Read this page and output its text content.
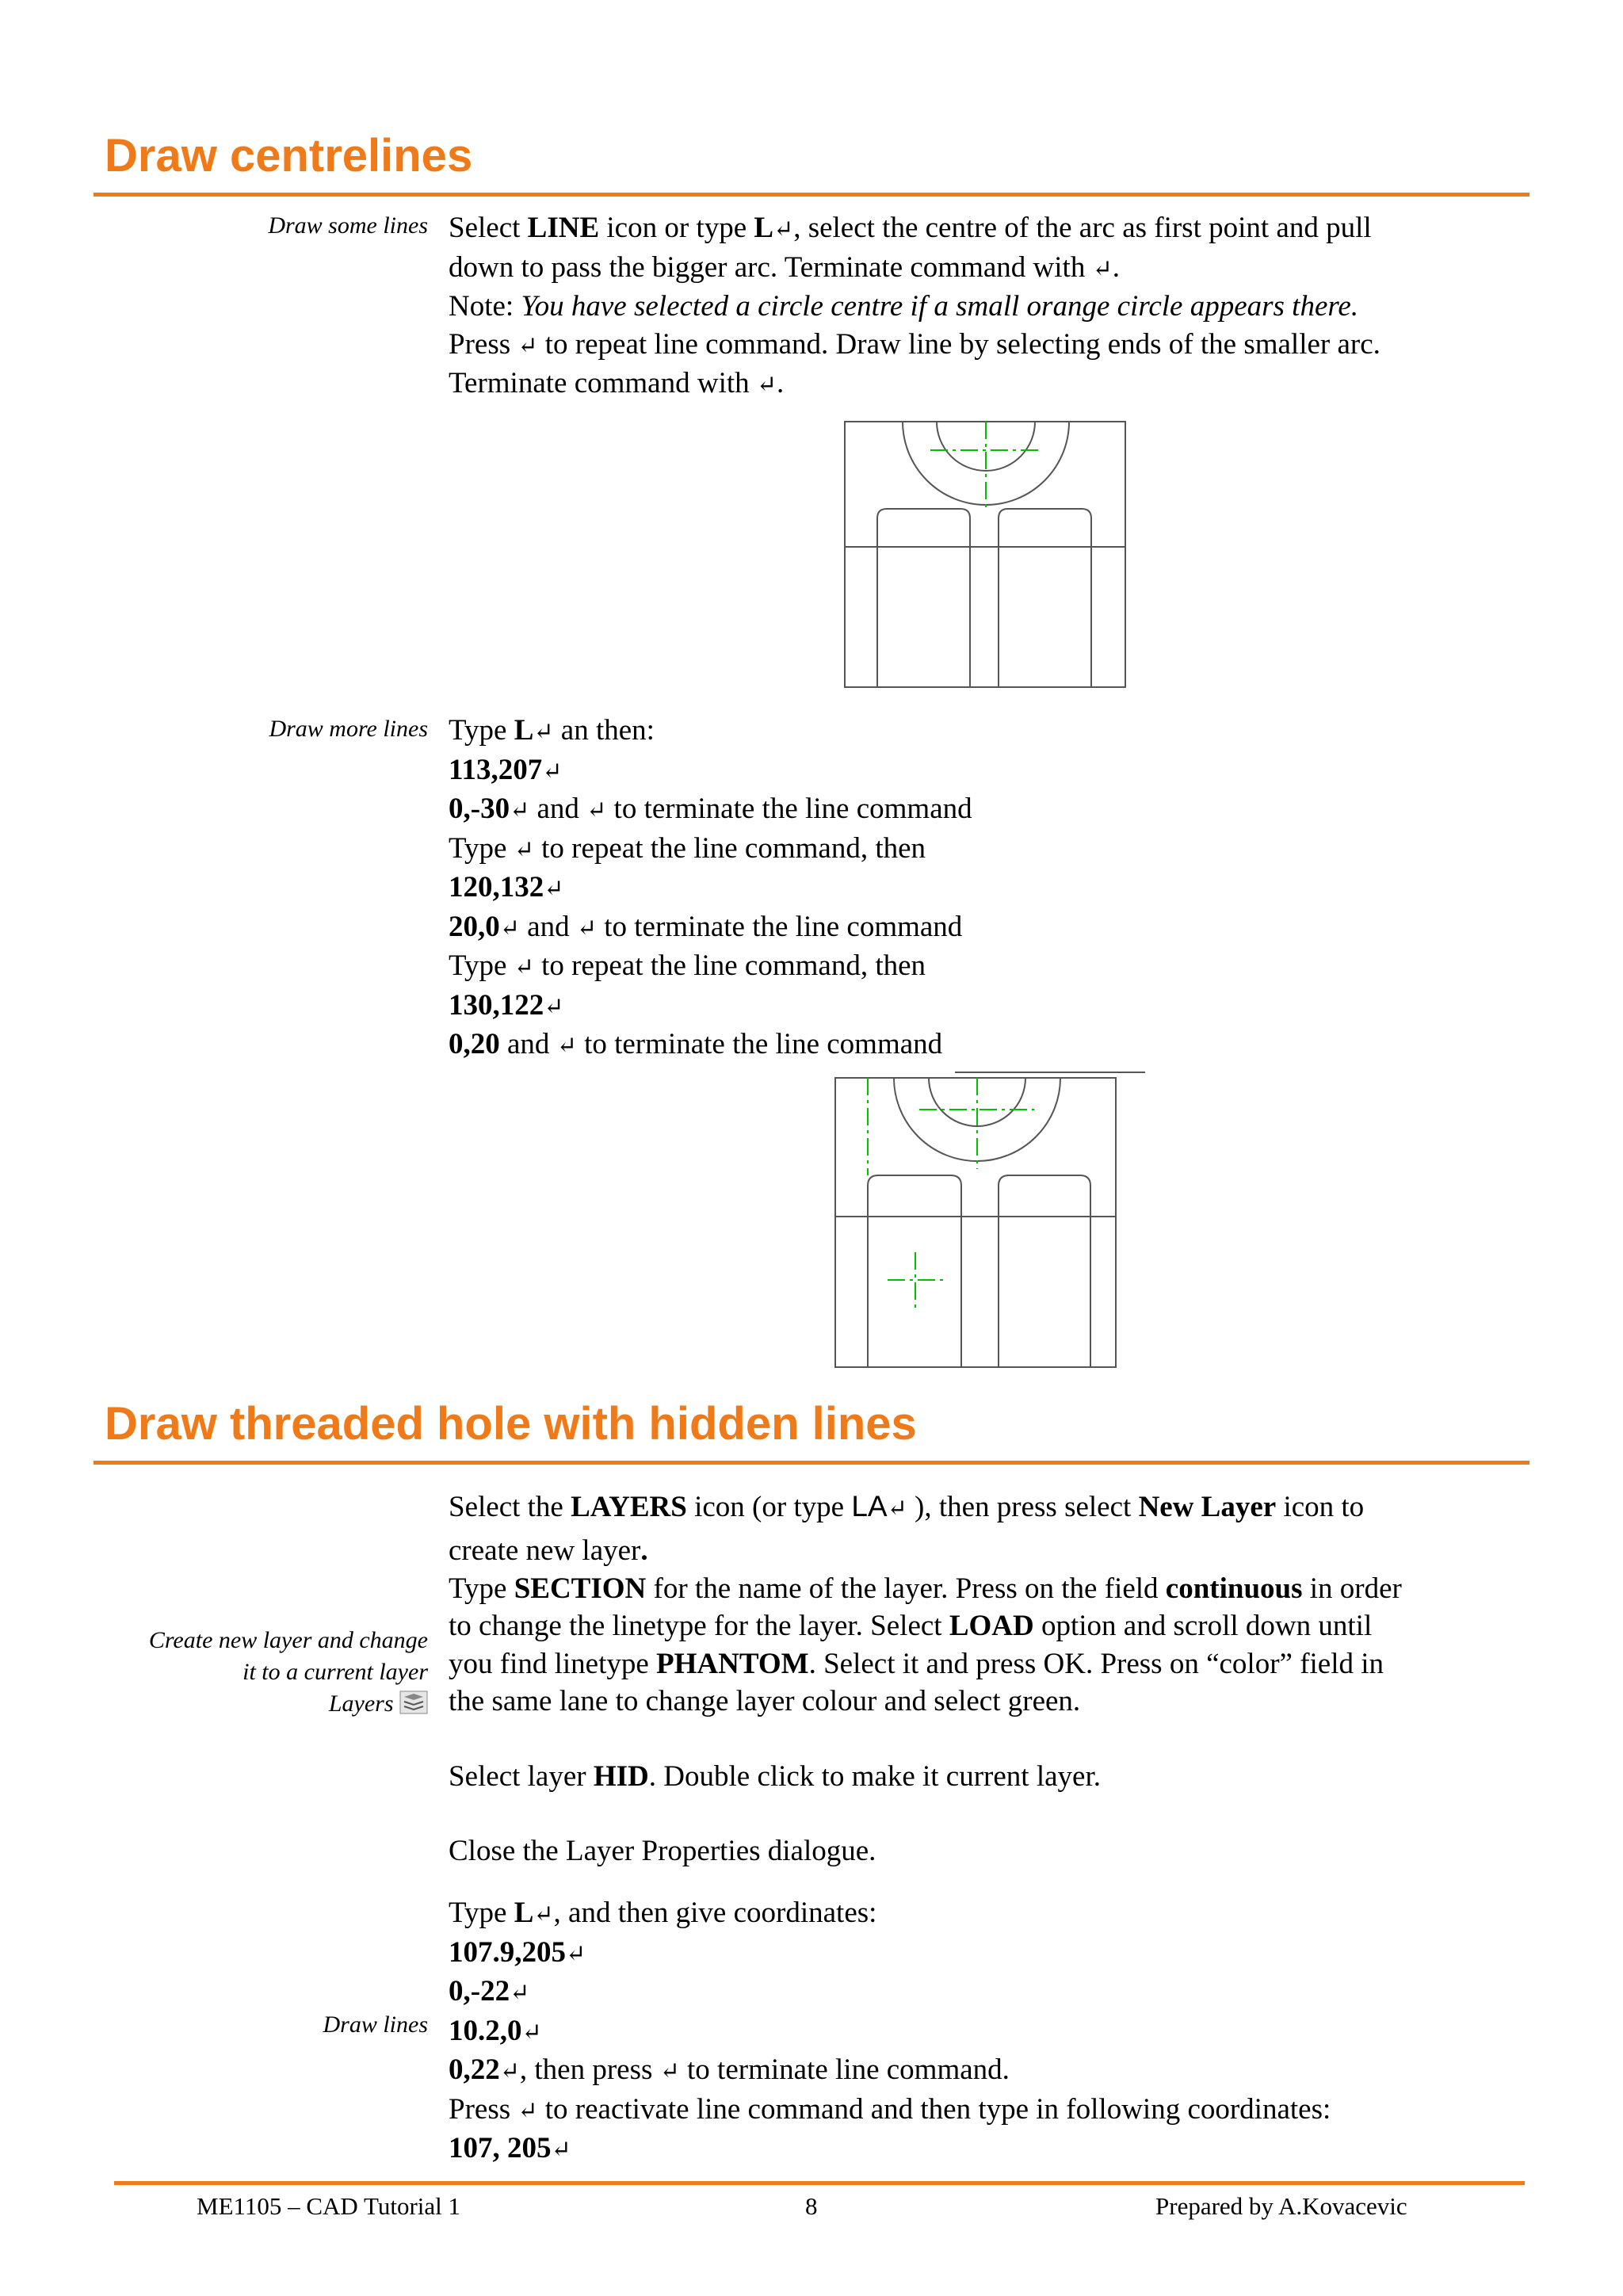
Draw centrelines
Draw some lines Select LINE icon or type L↵, select the centre of the arc as first point and pull

down to pass the bigger arc. Terminate command with ↵.

Note: You have selected a circle centre if a small orange circle appears there.

Press ↵ to repeat line command. Draw line by selecting ends of the smaller arc.

Terminate command with ↵.

Draw more lines Type L↵ an then:

113,207↵

0,-30↵ and ↵ to terminate the line command

Type ↵ to repeat the line command, then

120,132↵

20,0↵ and ↵ to terminate the line command

Type ↵ to repeat the line command, then

130,122↵

0,20 and ↵ to terminate the line command

Draw threaded hole with hidden lines
Create new layer and change
it to a current layer
Layers

Select the LAYERS icon (or type LA↵ ), then press select New Layer icon to

create new layer.

Type SECTION for the name of the layer. Press on the field continuous in order

to change the linetype for the layer. Select LOAD option and scroll down until

you find linetype PHANTOM. Select it and press OK. Press on “color” field in

the same lane to change layer colour and select green.

Select layer HID. Double click to make it current layer.

Close the Layer Properties dialogue.

Draw lines

Type L↵, and then give coordinates:

107.9,205↵

0,-22↵

10.2,0↵

0,22↵, then press ↵ to terminate line command.

Press ↵ to reactivate line command and then type in following coordinates:

107, 205↵

ME1105 – CAD Tutorial 1	8	Prepared by A.Kovacevic
